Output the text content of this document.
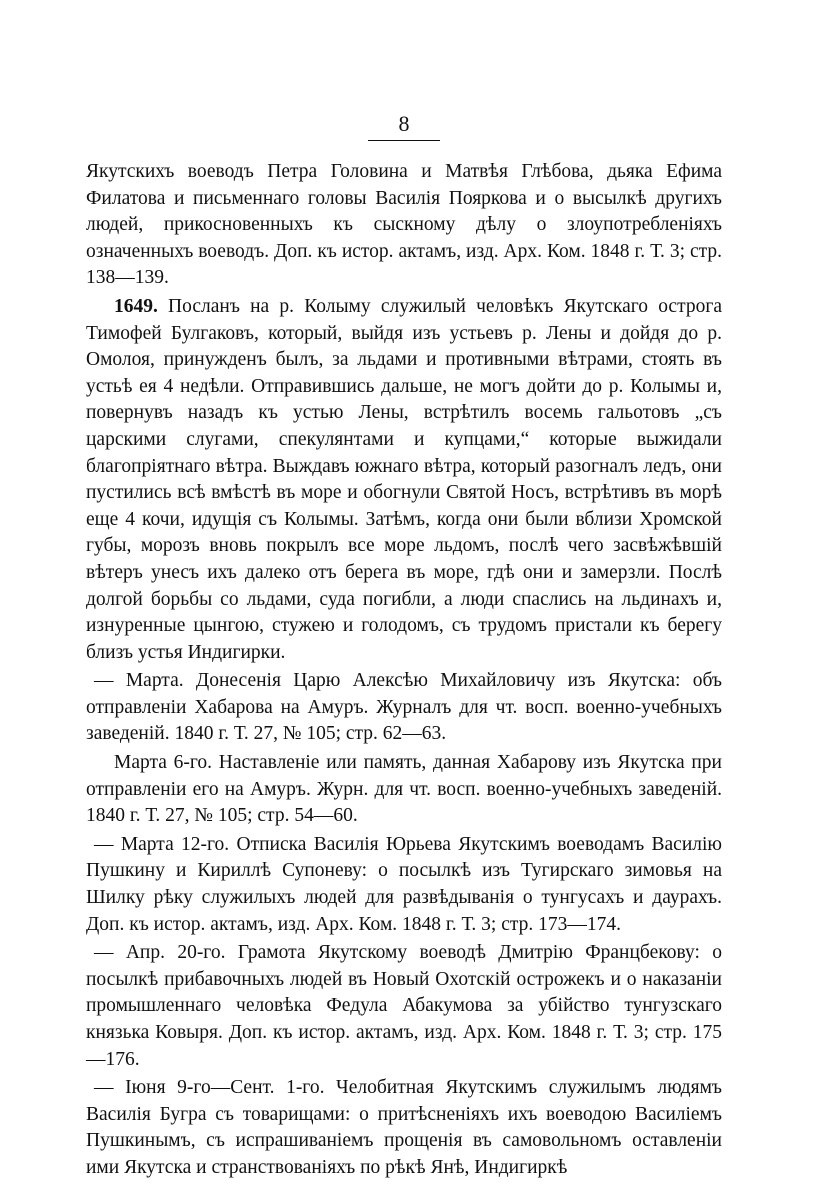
8

Якутскихъ воеводъ Петра Головина и Матвѣя Глѣбова, дьяка Ефима Филатова и письменнаго головы Василія Пояркова и о высылкѣ другихъ людей, прикосновенныхъ къ сыскному дѣлу о злоупотребленіяхъ означенныхъ воеводъ. Доп. къ истор. актамъ, изд. Арх. Ком. 1848 г. Т. 3; стр. 138—139.

1649. Посланъ на р. Колыму служилый человѣкъ Якутскаго острога Тимофей Булгаковъ, который, выйдя изъ устьевъ р. Лены и дойдя до р. Омолоя, принужденъ былъ, за льдами и противными вѣтрами, стоять въ устьѣ ея 4 недѣли. Отправившись дальше, не могъ дойти до р. Колымы и, повернувъ назадъ къ устью Лены, встрѣтилъ восемь гальотовъ „съ царскими слугами, спекулянтами и купцами,“ которые выжидали благопріятнаго вѣтра. Выждавъ южнаго вѣтра, который разогналъ ледъ, они пустились всѣ вмѣстѣ въ море и обогнули Святой Носъ, встрѣтивъ въ морѣ еще 4 кочи, идущія съ Колымы. Затѣмъ, когда они были вблизи Хромской губы, морозъ вновь покрылъ все море льдомъ, послѣ чего засвѣжѣвшій вѣтеръ унесъ ихъ далеко отъ берега въ море, гдѣ они и замерзли. Послѣ долгой борьбы со льдами, суда погибли, а люди спаслись на льдинахъ и, изнуренные цынгою, стужею и голодомъ, съ трудомъ пристали къ берегу близъ устья Индигирки.

— Марта. Донесенія Царю Алексѣю Михайловичу изъ Якутска: объ отправленіи Хабарова на Амуръ. Журналъ для чт. восп. военно-учебныхъ заведеній. 1840 г. Т. 27, № 105; стр. 62—63.

Марта 6-го. Наставленіе или память, данная Хабарову изъ Якутска при отправленіи его на Амуръ. Журн. для чт. восп. военно-учебныхъ заведеній. 1840 г. Т. 27, № 105; стр. 54—60.

— Марта 12-го. Отписка Василія Юрьева Якутскимъ воеводамъ Василію Пушкину и Кириллѣ Супоневу: о посылкѣ изъ Тугирскаго зимовья на Шилку рѣку служилыхъ людей для развѣдыванія о тунгусахъ и даурахъ. Доп. къ истор. актамъ, изд. Арх. Ком. 1848 г. Т. 3; стр. 173—174.

— Апр. 20-го. Грамота Якутскому воеводѣ Дмитрію Францбекову: о посылкѣ прибавочныхъ людей въ Новый Охотскій острожекъ и о наказаніи промышленнаго человѣка Федула Абакумова за убійство тунгузскаго князька Ковыря. Доп. къ истор. актамъ, изд. Арх. Ком. 1848 г. Т. 3; стр. 175—176.

— Іюня 9-го—Сент. 1-го. Челобитная Якутскимъ служилымъ людямъ Василія Бугра съ товарищами: о притѣсненіяхъ ихъ воеводою Василіемъ Пушкинымъ, съ испрашиваніемъ прощенія въ самовольномъ оставленіи ими Якутска и странствованіяхъ по рѣкѣ Янѣ, Индигиркѣ
